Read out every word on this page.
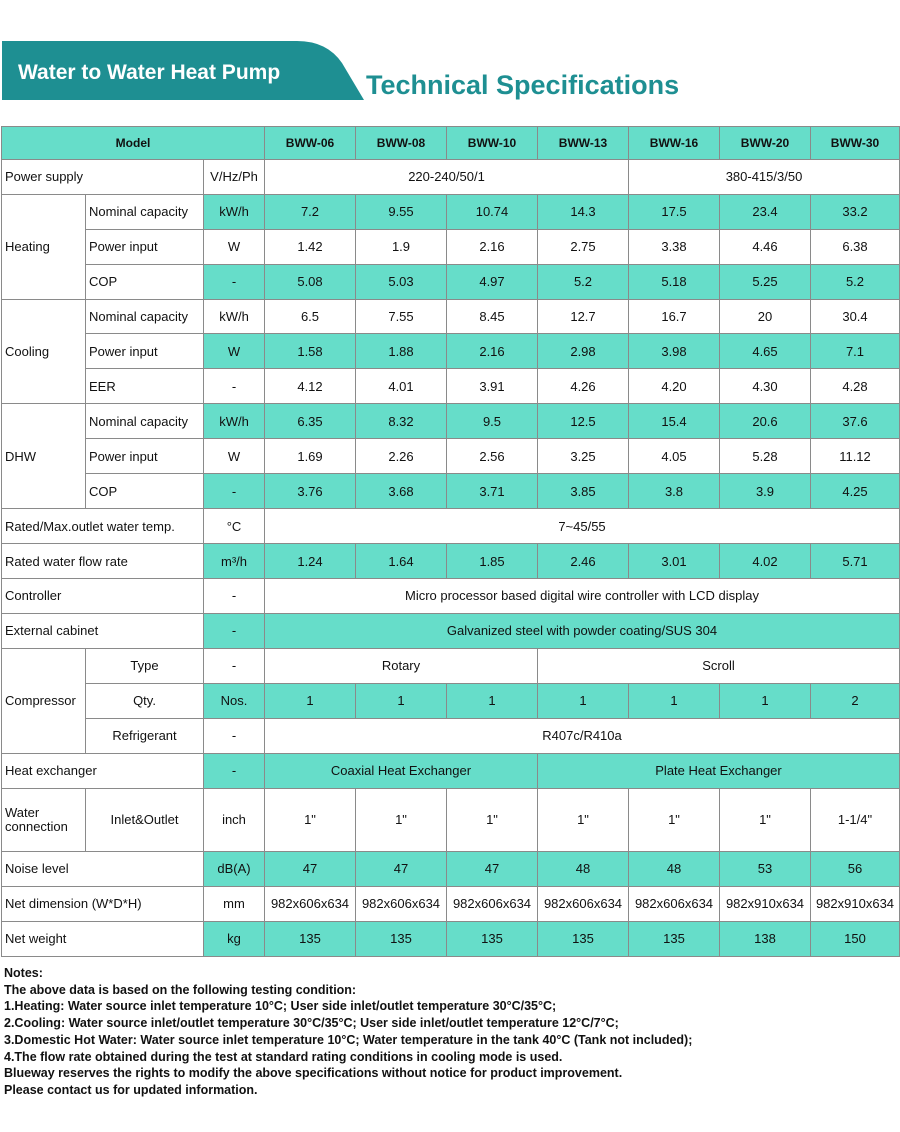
Water to Water Heat Pump	Technical Specifications
Model			BWW-06	BWW-08	BWW-10	BWW-13	BWW-16	BWW-20	BWW-30
Power supply		V/Hz/Ph	220-240/50/1				380-415/3/50		
Heating	Nominal capacity	kW/h	7.2	9.55	10.74	14.3	17.5	23.4	33.2
	Power input	W	1.42	1.9	2.16	2.75	3.38	4.46	6.38
	COP	-	5.08	5.03	4.97	5.2	5.18	5.25	5.2
Cooling	Nominal capacity	kW/h	6.5	7.55	8.45	12.7	16.7	20	30.4
	Power input	W	1.58	1.88	2.16	2.98	3.98	4.65	7.1
	EER	-	4.12	4.01	3.91	4.26	4.20	4.30	4.28
DHW	Nominal capacity	kW/h	6.35	8.32	9.5	12.5	15.4	20.6	37.6
	Power input	W	1.69	2.26	2.56	3.25	4.05	5.28	11.12
	COP	-	3.76	3.68	3.71	3.85	3.8	3.9	4.25
Rated/Max.outlet water temp.		°C	7~45/55						
Rated water flow rate		m³/h	1.24	1.64	1.85	2.46	3.01	4.02	5.71
Controller		-	Micro processor based digital wire controller with LCD display						
External cabinet		-	Galvanized steel with powder coating/SUS 304						
Compressor	Type	-	Rotary			Scroll			
	Qty.	Nos.	1	1	1	1	1	1	2
	Refrigerant	-	R407c/R410a						
Heat exchanger		-	Coaxial Heat Exchanger			Plate Heat Exchanger			
Water connection	Inlet&Outlet	inch	1"	1"	1"	1"	1"	1"	1-1/4"
Noise level		dB(A)	47	47	47	48	48	53	56
Net dimension (W*D*H)		mm	982x606x634	982x606x634	982x606x634	982x606x634	982x606x634	982x910x634	982x910x634
Net weight		kg	135	135	135	135	135	138	150
Notes:
The above data is based on the following testing condition:
1.Heating: Water source inlet temperature 10°C; User side inlet/outlet temperature 30°C/35°C;
2.Cooling: Water source inlet/outlet temperature 30°C/35°C; User side inlet/outlet temperature 12°C/7°C;
3.Domestic Hot Water: Water source inlet temperature 10°C; Water temperature in the tank 40°C (Tank not included);
4.The flow rate obtained during the test at standard rating conditions in cooling mode is used.
Blueway reserves the rights to modify the above specifications without notice for product improvement.
Please contact us for updated information.
